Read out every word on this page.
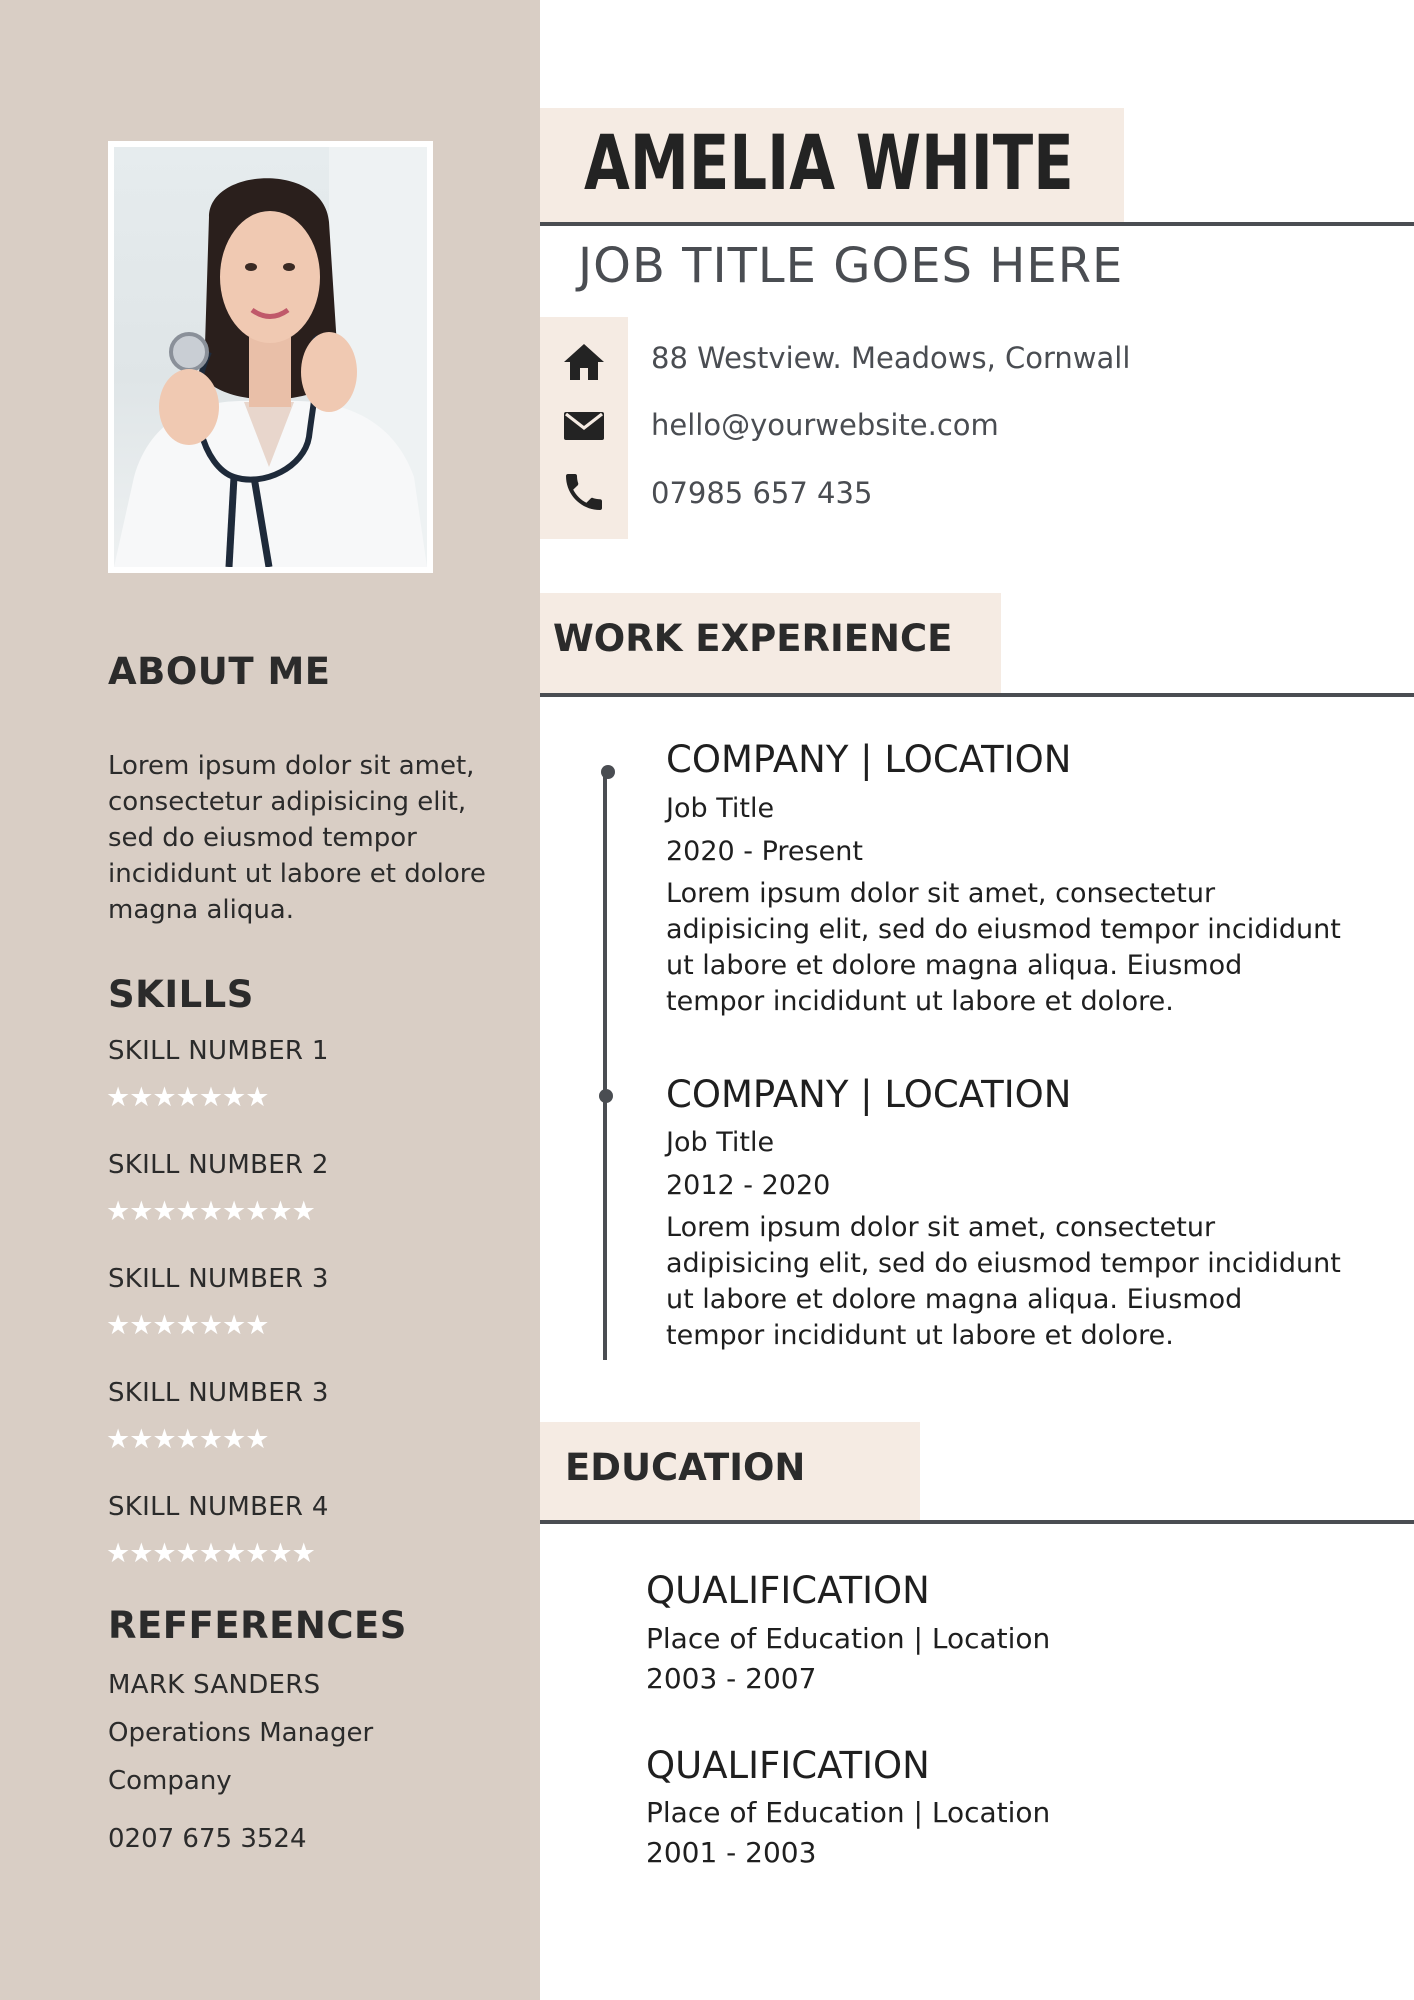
ABOUT ME

Lorem ipsum dolor sit amet, consectetur adipisicing elit, sed do eiusmod tempor incididunt ut labore et dolore magna aliqua.

SKILLS

SKILL NUMBER 1

★★★★★★★

SKILL NUMBER 2

★★★★★★★★★

SKILL NUMBER 3

★★★★★★★

SKILL NUMBER 3

★★★★★★★

SKILL NUMBER 4

★★★★★★★★★

REFFERENCES

MARK SANDERS

Operations Manager

Company

0207 675 3524

AMELIA WHITE

JOB TITLE GOES HERE

88 Westview. Meadows, Cornwall

hello@yourwebsite.com

07985 657 435

WORK EXPERIENCE

COMPANY | LOCATION

Job Title

2020 - Present

Lorem ipsum dolor sit amet, consectetur adipisicing elit, sed do eiusmod tempor incididunt ut labore et dolore magna aliqua. Eiusmod tempor incididunt ut labore et dolore.

COMPANY | LOCATION

Job Title

2012 - 2020

Lorem ipsum dolor sit amet, consectetur adipisicing elit, sed do eiusmod tempor incididunt ut labore et dolore magna aliqua. Eiusmod tempor incididunt ut labore et dolore.

EDUCATION

QUALIFICATION

Place of Education | Location

2003 - 2007

QUALIFICATION

Place of Education | Location

2001 - 2003
